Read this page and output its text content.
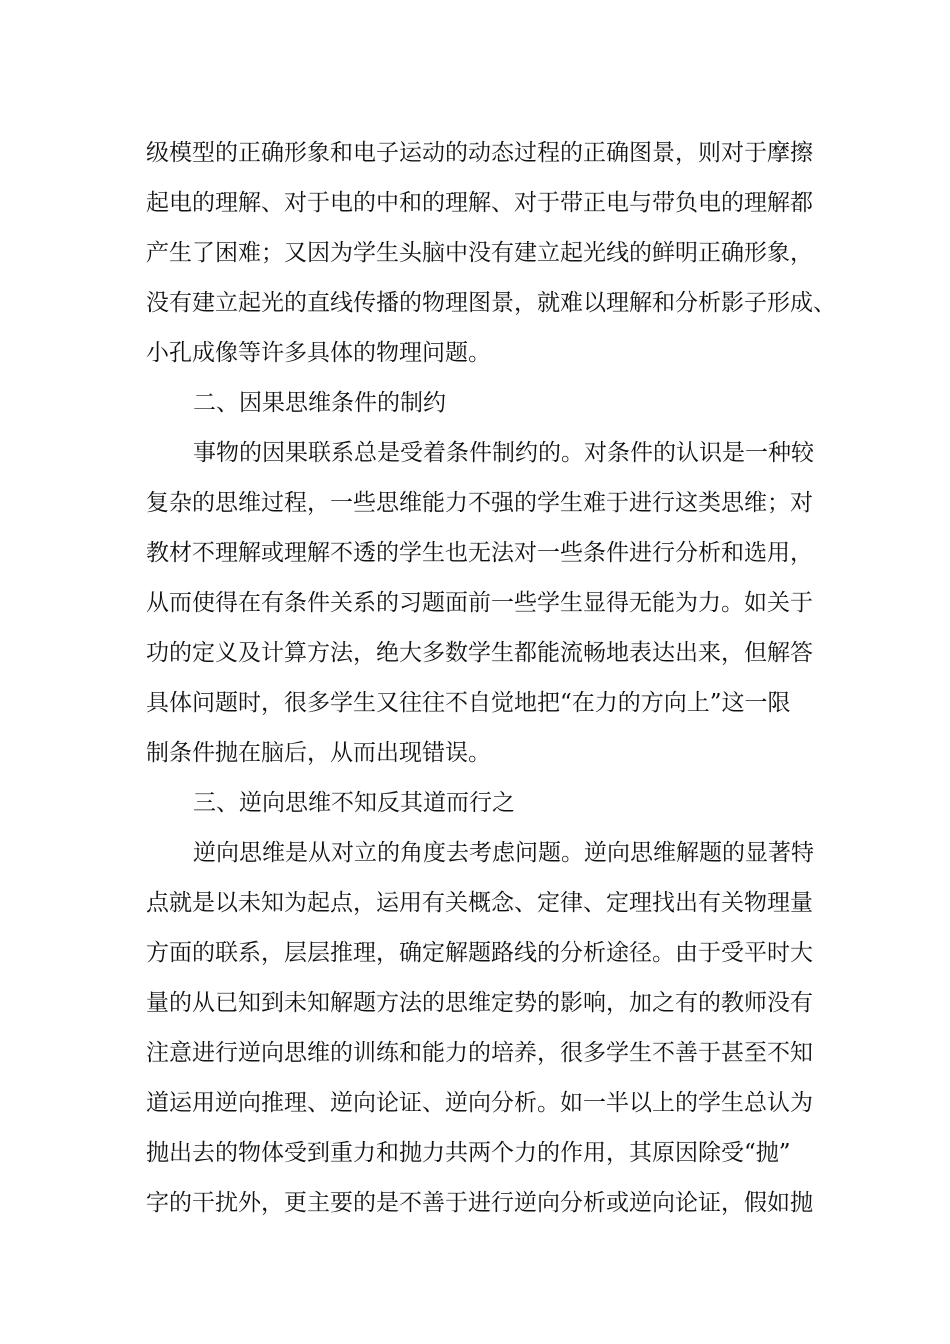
级模型的正确形象和电子运动的动态过程的正确图景，则对于摩擦
起电的理解、对于电的中和的理解、对于带正电与带负电的理解都
产生了困难；又因为学生头脑中没有建立起光线的鲜明正确形象，
没有建立起光的直线传播的物理图景，就难以理解和分析影子形成、
小孔成像等许多具体的物理问题。
二、因果思维条件的制约
事物的因果联系总是受着条件制约的。对条件的认识是一种较
复杂的思维过程，一些思维能力不强的学生难于进行这类思维；对
教材不理解或理解不透的学生也无法对一些条件进行分析和选用，
从而使得在有条件关系的习题面前一些学生显得无能为力。如关于
功的定义及计算方法，绝大多数学生都能流畅地表达出来，但解答
具体问题时，很多学生又往往不自觉地把“在力的方向上”这一限
制条件抛在脑后，从而出现错误。
三、逆向思维不知反其道而行之
逆向思维是从对立的角度去考虑问题。逆向思维解题的显著特
点就是以未知为起点，运用有关概念、定律、定理找出有关物理量
方面的联系，层层推理，确定解题路线的分析途径。由于受平时大
量的从已知到未知解题方法的思维定势的影响，加之有的教师没有
注意进行逆向思维的训练和能力的培养，很多学生不善于甚至不知
道运用逆向推理、逆向论证、逆向分析。如一半以上的学生总认为
抛出去的物体受到重力和抛力共两个力的作用，其原因除受“抛”
字的干扰外，更主要的是不善于进行逆向分析或逆向论证，假如抛
